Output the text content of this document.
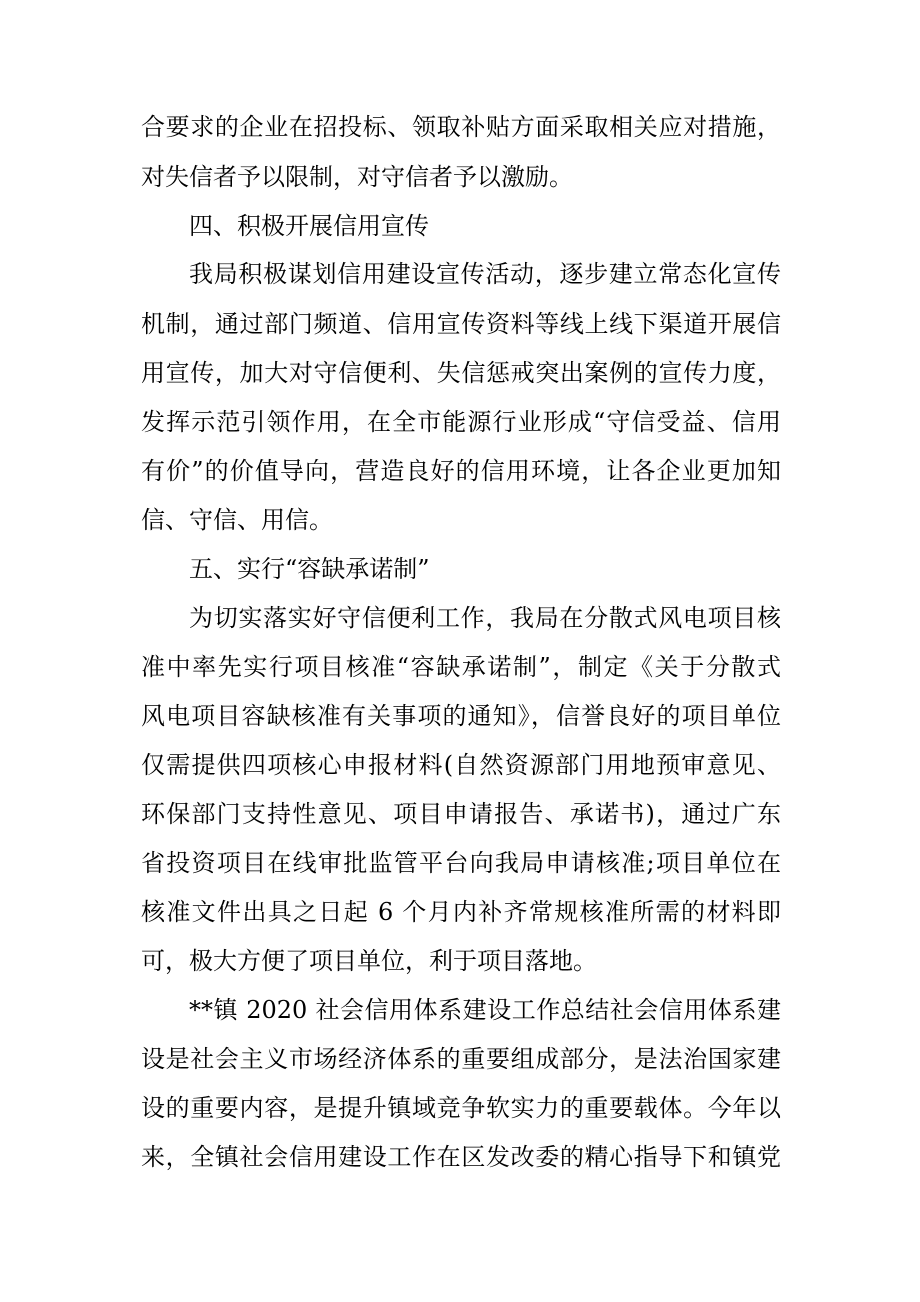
合要求的企业在招投标、领取补贴方面采取相关应对措施，
对失信者予以限制，对守信者予以激励。
四、积极开展信用宣传
我局积极谋划信用建设宣传活动，逐步建立常态化宣传
机制，通过部门频道、信用宣传资料等线上线下渠道开展信
用宣传，加大对守信便利、失信惩戒突出案例的宣传力度，
发挥示范引领作用，在全市能源行业形成“守信受益、信用
有价”的价值导向，营造良好的信用环境，让各企业更加知
信、守信、用信。
五、实行“容缺承诺制”
为切实落实好守信便利工作，我局在分散式风电项目核
准中率先实行项目核准“容缺承诺制”，制定《关于分散式
风电项目容缺核准有关事项的通知》，信誉良好的项目单位
仅需提供四项核心申报材料(自然资源部门用地预审意见、
环保部门支持性意见、项目申请报告、承诺书)，通过广东
省投资项目在线审批监管平台向我局申请核准;项目单位在
核准文件出具之日起 6 个月内补齐常规核准所需的材料即
可，极大方便了项目单位，利于项目落地。
**镇 2020 社会信用体系建设工作总结社会信用体系建
设是社会主义市场经济体系的重要组成部分，是法治国家建
设的重要内容，是提升镇域竞争软实力的重要载体。今年以
来，全镇社会信用建设工作在区发改委的精心指导下和镇党
